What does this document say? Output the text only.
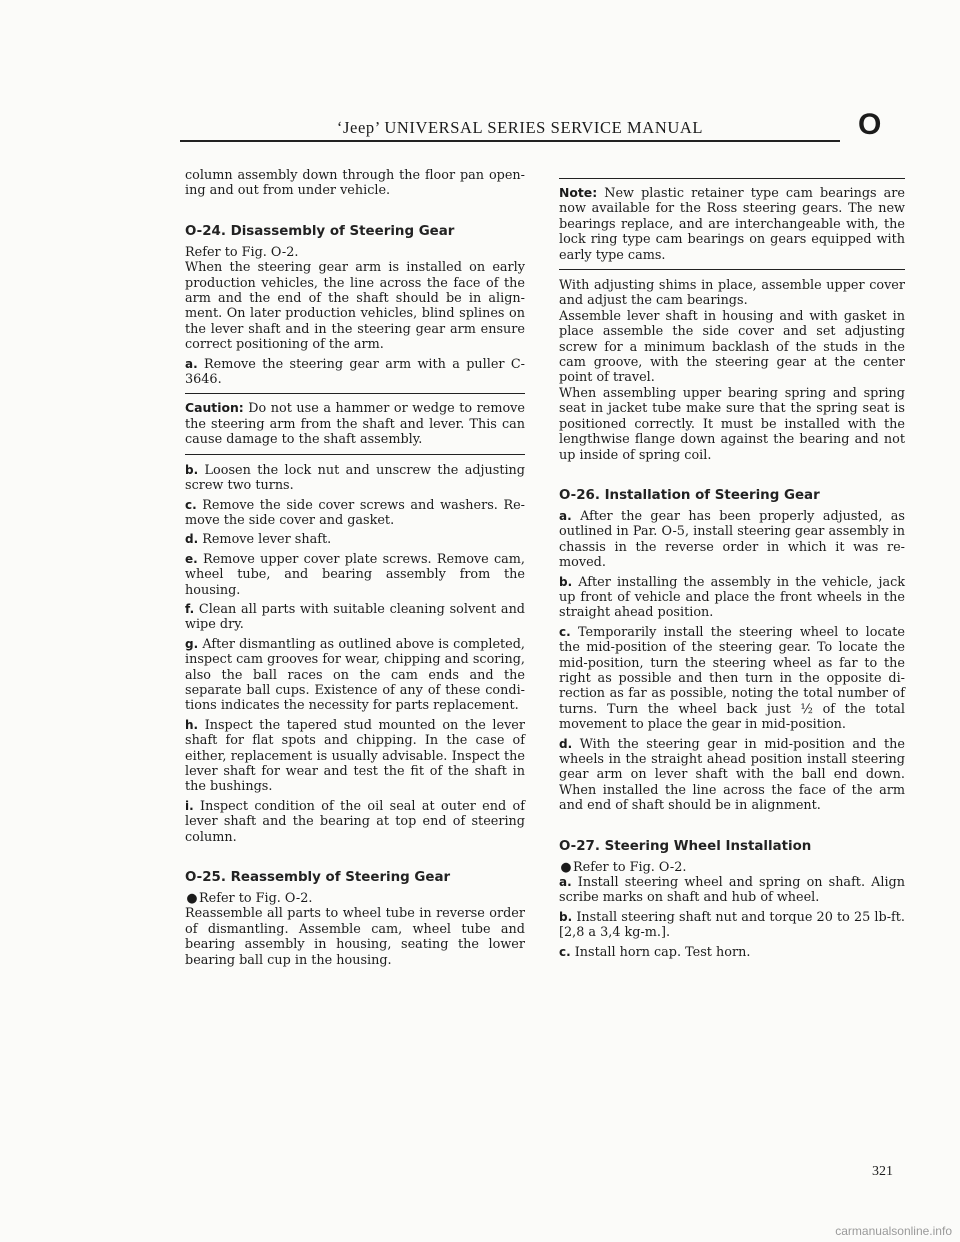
‘Jeep’ UNIVERSAL SERIES SERVICE MANUAL	O

column assembly down through the floor pan opening and out from under vehicle.

O-24. Disassembly of Steering Gear

Refer to Fig. O-2.

When the steering gear arm is installed on early production vehicles, the line across the face of the arm and the end of the shaft should be in alignment. On later production vehicles, blind splines on the lever shaft and in the steering gear arm ensure correct positioning of the arm.

a. Remove the steering gear arm with a puller C-3646.

Caution: Do not use a hammer or wedge to remove the steering arm from the shaft and lever. This can cause damage to the shaft assembly.

b. Loosen the lock nut and unscrew the adjusting screw two turns.

c. Remove the side cover screws and washers. Remove the side cover and gasket.

d. Remove lever shaft.

e. Remove upper cover plate screws. Remove cam, wheel tube, and bearing assembly from the housing.

f. Clean all parts with suitable cleaning solvent and wipe dry.

g. After dismantling as outlined above is completed, inspect cam grooves for wear, chipping and scoring, also the ball races on the cam ends and the separate ball cups. Existence of any of these conditions indicates the necessity for parts replacement.

h. Inspect the tapered stud mounted on the lever shaft for flat spots and chipping. In the case of either, replacement is usually advisable. Inspect the lever shaft for wear and test the fit of the shaft in the bushings.

i. Inspect condition of the oil seal at outer end of lever shaft and the bearing at top end of steering column.

O-25. Reassembly of Steering Gear

●Refer to Fig. O-2.

Reassemble all parts to wheel tube in reverse order of dismantling. Assemble cam, wheel tube and bearing assembly in housing, seating the lower bearing ball cup in the housing.

Note: New plastic retainer type cam bearings are now available for the Ross steering gears. The new bearings replace, and are interchangeable with, the lock ring type cam bearings on gears equipped with early type cams.

With adjusting shims in place, assemble upper cover and adjust the cam bearings.

Assemble lever shaft in housing and with gasket in place assemble the side cover and set adjusting screw for a minimum backlash of the studs in the cam groove, with the steering gear at the center point of travel.

When assembling upper bearing spring and spring seat in jacket tube make sure that the spring seat is positioned correctly. It must be installed with the lengthwise flange down against the bearing and not up inside of spring coil.

O-26. Installation of Steering Gear

a. After the gear has been properly adjusted, as outlined in Par. O-5, install steering gear assembly in chassis in the reverse order in which it was removed.

b. After installing the assembly in the vehicle, jack up front of vehicle and place the front wheels in the straight ahead position.

c. Temporarily install the steering wheel to locate the mid-position of the steering gear. To locate the mid-position, turn the steering wheel as far to the right as possible and then turn in the opposite direction as far as possible, noting the total number of turns. Turn the wheel back just ½ of the total movement to place the gear in mid-position.

d. With the steering gear in mid-position and the wheels in the straight ahead position install steering gear arm on lever shaft with the ball end down. When installed the line across the face of the arm and end of shaft should be in alignment.

O-27. Steering Wheel Installation

●Refer to Fig. O-2.

a. Install steering wheel and spring on shaft. Align scribe marks on shaft and hub of wheel.

b. Install steering shaft nut and torque 20 to 25 lb-ft. [2,8 a 3,4 kg-m.].

c. Install horn cap. Test horn.

321
carmanualsonline.info
